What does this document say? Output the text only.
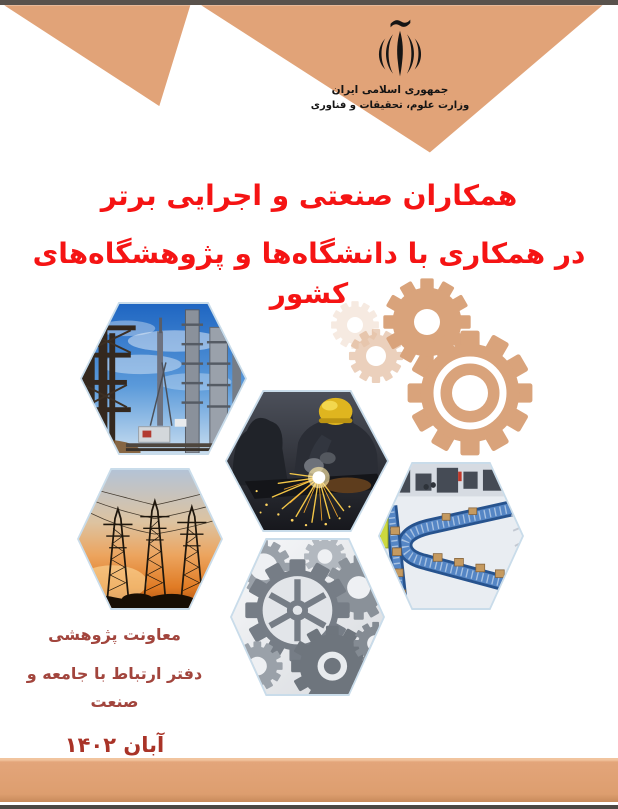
جمهوری اسلامی ایران
وزارت علوم، تحقیقات و فناوری
همکاران صنعتی و اجرایی برتر
در همکاری با دانشگاه‌ها و پژوهشگاه‌های کشور
معاونت پژوهشی
دفتر ارتباط با جامعه و صنعت
آبان ۱۴۰۲
